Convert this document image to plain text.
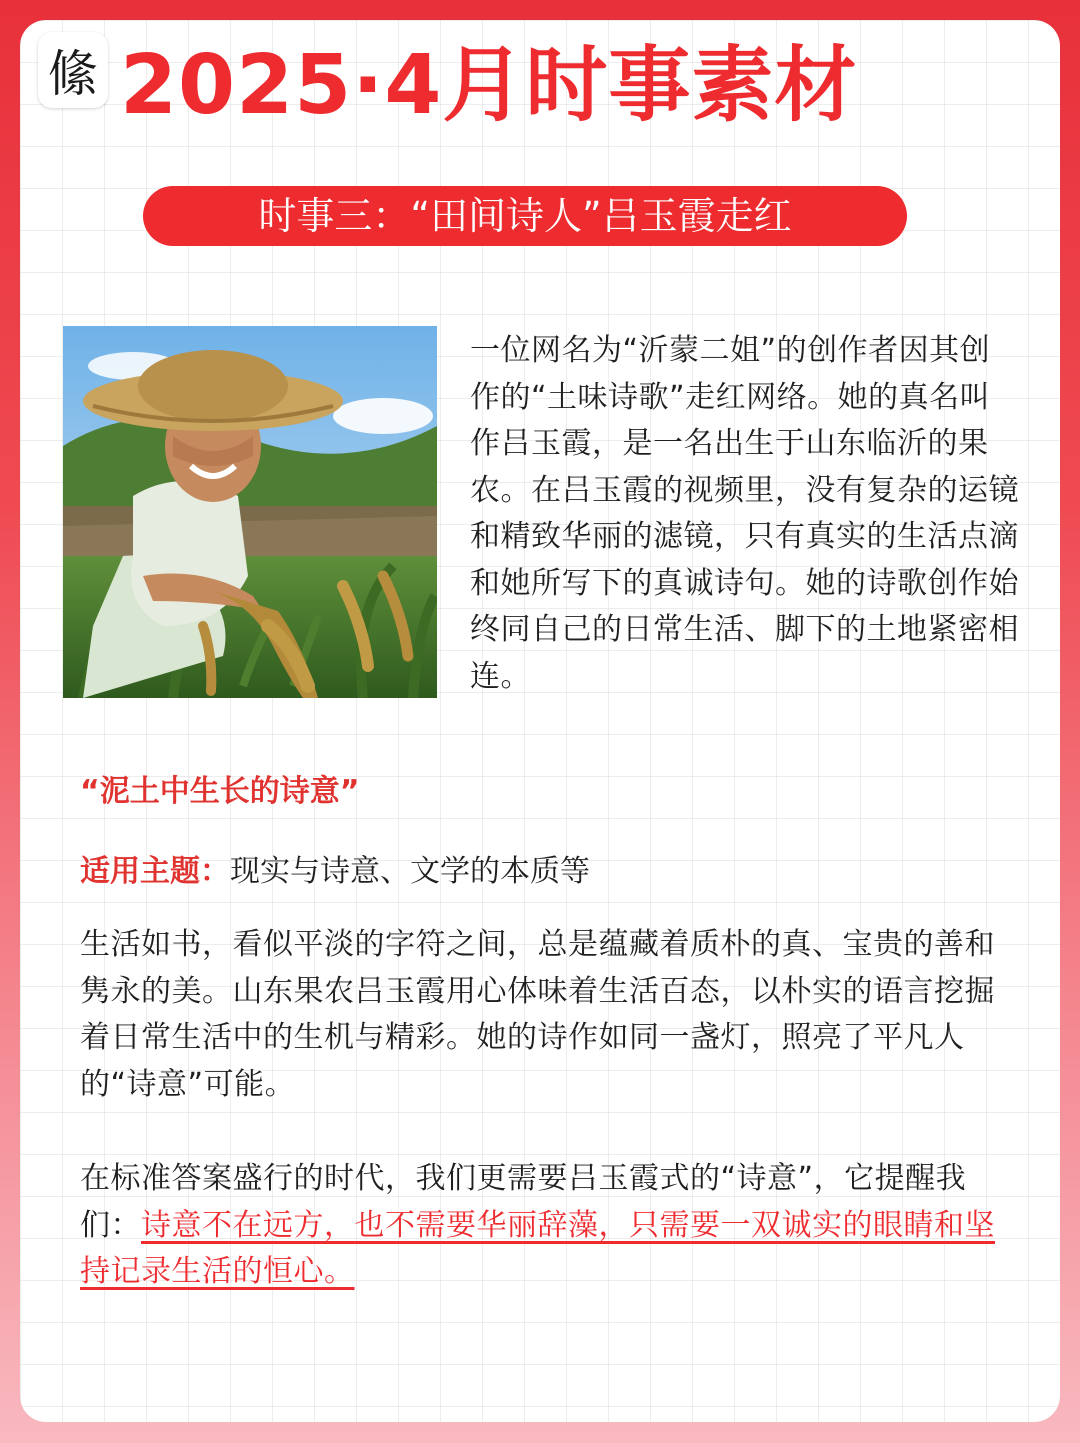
絛 2025·4月时事素材
时事三：“田间诗人”吕玉霞走红

一位网名为“沂蒙二姐”的创作者因其创作的“土味诗歌”走红网络。她的真名叫作吕玉霞，是一名出生于山东临沂的果农。在吕玉霞的视频里，没有复杂的运镜和精致华丽的滤镜，只有真实的生活点滴和她所写下的真诚诗句。她的诗歌创作始终同自己的日常生活、脚下的土地紧密相连。

“泥土中生长的诗意”
适用主题：现实与诗意、文学的本质等

生活如书，看似平淡的字符之间，总是蕴藏着质朴的真、宝贵的善和隽永的美。山东果农吕玉霞用心体味着生活百态，以朴实的语言挖掘着日常生活中的生机与精彩。她的诗作如同一盏灯，照亮了平凡人的“诗意”可能。

在标准答案盛行的时代，我们更需要吕玉霞式的“诗意”，它提醒我们：诗意不在远方，也不需要华丽辞藻，只需要一双诚实的眼睛和坚持记录生活的恒心。
